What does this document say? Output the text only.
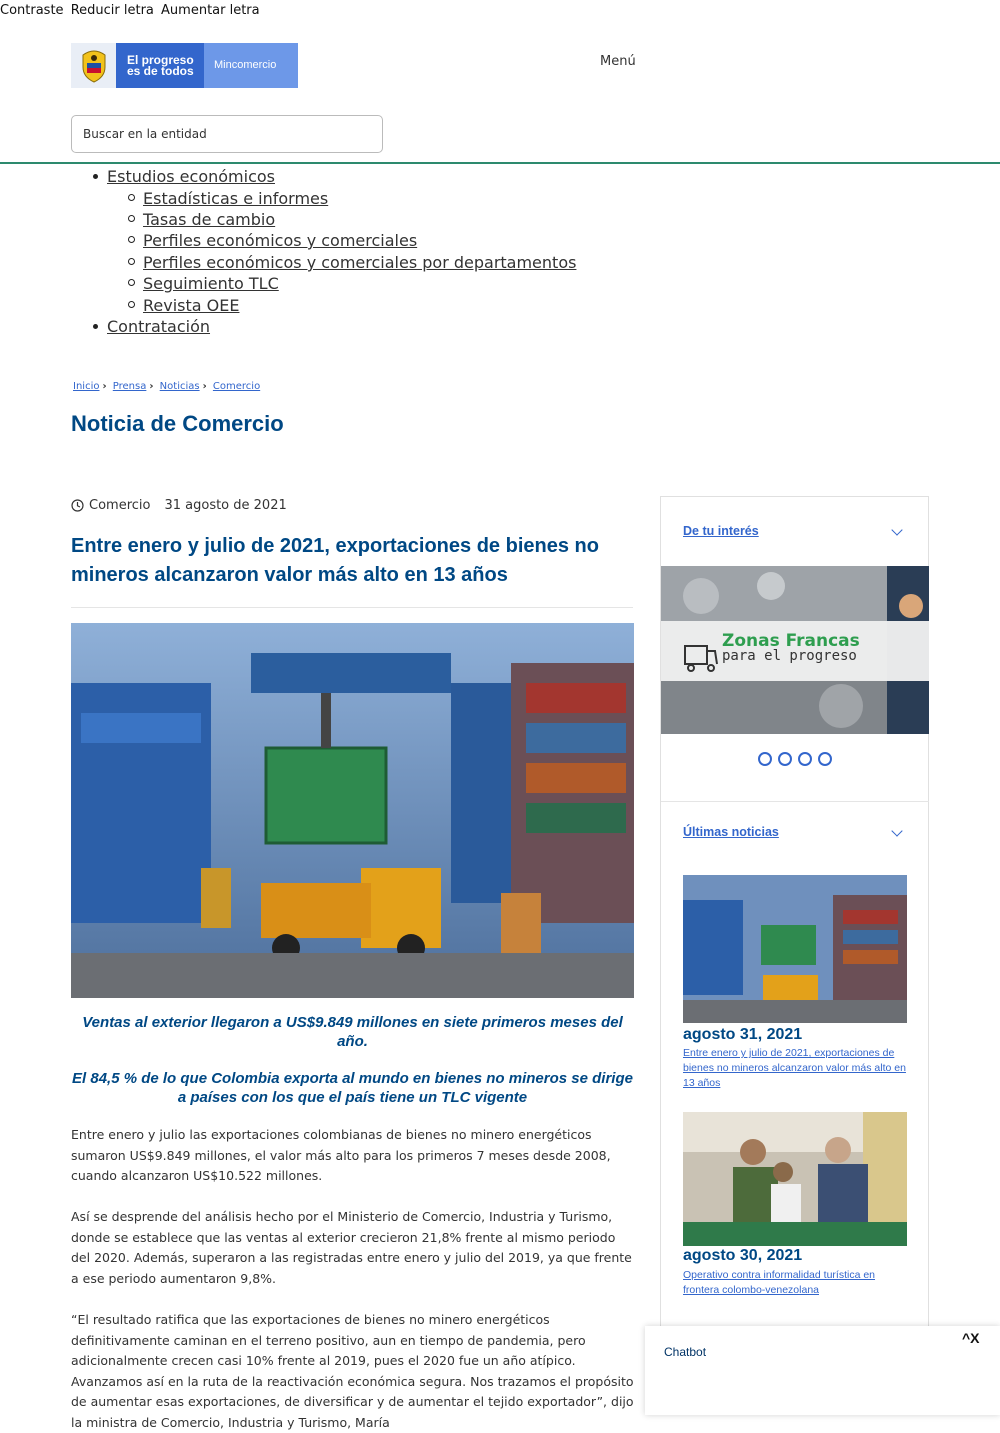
Contraste Reducir letra Aumentar letra
El progreso
es de todos	Mincomercio	Menú
Buscar en la entidad
Estudios económicos
Estadísticas e informes
Tasas de cambio
Perfiles económicos y comerciales
Perfiles económicos y comerciales por departamentos
Seguimiento TLC
Revista OEE
Contratación
Inicio › Prensa › Noticias › Comercio
Noticia de Comercio
Comercio 31 agosto de 2021
Entre enero y julio de 2021, exportaciones de bienes no mineros alcanzaron valor más alto en 13 años
Ventas al exterior llegaron a US$9.849 millones en siete primeros meses del año.
El 84,5 % de lo que Colombia exporta al mundo en bienes no mineros se dirige a países con los que el país tiene un TLC vigente

Entre enero y julio las exportaciones colombianas de bienes no minero energéticos sumaron US$9.849 millones, el valor más alto para los primeros 7 meses desde 2008, cuando alcanzaron US$10.522 millones.

Así se desprende del análisis hecho por el Ministerio de Comercio, Industria y Turismo, donde se establece que las ventas al exterior crecieron 21,8% frente al mismo periodo del 2020. Además, superaron a las registradas entre enero y julio del 2019, ya que frente a ese periodo aumentaron 9,8%.

“El resultado ratifica que las exportaciones de bienes no minero energéticos definitivamente caminan en el terreno positivo, aun en tiempo de pandemia, pero adicionalmente crecen casi 10% frente al 2019, pues el 2020 fue un año atípico. Avanzamos así en la ruta de la reactivación económica segura. Nos trazamos el propósito de aumentar esas exportaciones, de diversificar y de aumentar el tejido exportador”, dijo la ministra de Comercio, Industria y Turismo, María

De tu interés
Zonas Francas
para el progreso
Últimas noticias
agosto 31, 2021
Entre enero y julio de 2021, exportaciones de bienes no mineros alcanzaron valor más alto en 13 años
agosto 30, 2021
Operativo contra informalidad turística en frontera colombo-venezolana
Chatbot
^X
